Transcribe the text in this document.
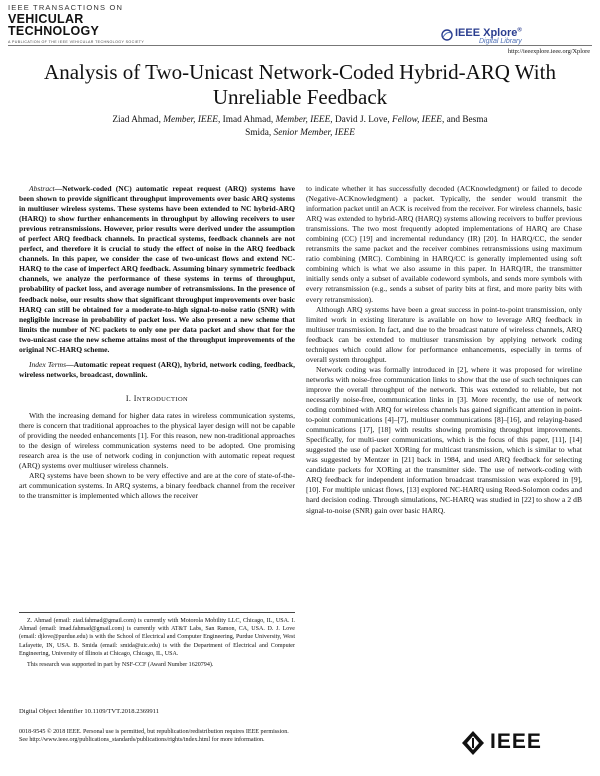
IEEE TRANSACTIONS ON
VEHICULAR
TECHNOLOGY
A PUBLICATION OF THE IEEE VEHICULAR TECHNOLOGY SOCIETY
IEEE Xplore®
Digital Library
http://ieeexplore.ieee.org/Xplore
Analysis of Two-Unicast Network-Coded Hybrid-ARQ With Unreliable Feedback
Ziad Ahmad, Member, IEEE, Imad Ahmad, Member, IEEE, David J. Love, Fellow, IEEE, and Besma
Smida, Senior Member, IEEE

Abstract—Network-coded (NC) automatic repeat request (ARQ) systems have been shown to provide significant throughput improvements over basic ARQ systems in multiuser wireless systems. These systems have been extended to NC hybrid-ARQ (HARQ) to show further enhancements in throughput by allowing receivers to user previous retransmissions. However, prior results were derived under the assumption of perfect ARQ feedback channels. In practical systems, feedback channels are not perfect, and therefore it is crucial to study the effect of noise in the ARQ feedback channels. In this paper, we consider the case of two-unicast flows and extend NC-HARQ to the case of imperfect ARQ feedback. Assuming binary symmetric feedback channels, we analyze the performance of these systems in terms of throughput, probability of packet loss, and average number of retransmissions. In the presence of feedback noise, our results show that significant throughput improvements over basic HARQ can still be obtained for a moderate-to-high signal-to-noise ratio (SNR) with negligible increase in probability of packet loss. We also present a new scheme that limits the number of NC packets to only one per data packet and show that for the two-unicast case the new scheme attains most of the throughput improvements of the original NC-HARQ scheme.

Index Terms—Automatic repeat request (ARQ), hybrid, network coding, feedback, wireless networks, broadcast, downlink.

I. INTRODUCTION

With the increasing demand for higher data rates in wireless communication systems, there is concern that traditional approaches to the physical layer design will not be capable of providing the needed enhancements [1]. For this reason, new non-traditional approaches to the design of wireless communication systems need to be adopted. One promising research area is the use of network coding in conjunction with automatic repeat request (ARQ) systems over multiuser wireless channels.

ARQ systems have been shown to be very effective and are at the core of state-of-the-art communication systems. In ARQ systems, a binary feedback channel from the receiver to the transmitter is implemented which allows the receiver

Z. Ahmad (email: ziad.fahmad@gmail.com) is currently with Motorola Mobility LLC, Chicago, IL, USA. I. Ahmad (email: imad.fahmad@gmail.com) is currently with AT&T Labs, San Ramon, CA, USA. D. J. Love (email: djlove@purdue.edu) is with the School of Electrical and Computer Engineering, Purdue University, West Lafayette, IN, USA. B. Smida (email: smida@uic.edu) is with the Department of Electrical and Computer Engineering, University of Illinois at Chicago, Chicago, IL, USA.

This research was supported in part by NSF-CCF (Award Number 1620794).

Digital Object Identifier 10.1109/TVT.2018.2369911

to indicate whether it has successfully decoded (ACKnowledgment) or failed to decode (Negative-ACKnowledgment) a packet. Typically, the sender would transmit the information packet until an ACK is received from the receiver. For wireless channels, basic ARQ was extended to hybrid-ARQ (HARQ) systems allowing receivers to buffer previous transmissions. The two most frequently adopted implementations of HARQ are Chase combining (CC) [19] and incremental redundancy (IR) [20]. In HARQ/CC, the sender retransmits the same packet and the receiver combines retransmissions using maximum ratio combining (MRC). Combining in HARQ/CC is generally implemented using soft combining which is what we also assume in this paper. In HARQ/IR, the transmitter initially sends only a subset of available codeword symbols, and sends more symbols with every retransmission (e.g., sends a subset of parity bits at first, and more parity bits with every retransmission).

Although ARQ systems have been a great success in point-to-point transmission, only limited work in existing literature is available on how to leverage ARQ feedback in multiuser transmission. In fact, and due to the broadcast nature of wireless channels, ARQ feedback can be extended to multiuser transmission by applying network coding techniques which could allow for performance enhancements, especially in terms of overall system throughput.

Network coding was formally introduced in [2], where it was proposed for wireline networks with noise-free communication links to show that the use of such techniques can improve the overall throughput of the network. This was extended to reliable, but not necessarily noise-free, communication links in [3]. More recently, the use of network coding combined with ARQ for wireless channels has gained significant attention in point-to-point communications [4]–[7], multiuser communications [8]–[16], and relaying-based communications [17], [18] with results showing promising throughput improvements. Specifically, for multi-user communications, which is the focus of this paper, [11], [14] suggested the use of packet XORing for multicast transmission, which is similar to what was suggested by Mentzer in [21] back in 1984, and used ARQ feedback for selecting candidate packets for XORing at the transmitter side. The use of network-coding with ARQ feedback for independent information broadcast transmission was explored in [9], [10]. For multiple unicast flows, [13] explored NC-HARQ using Reed-Solomon codes and hard decision coding. Through simulations, NC-HARQ was studied in [22] to show a 2 dB signal-to-noise (SNR) gain over basic HARQ.

0018-9545 © 2018 IEEE. Personal use is permitted, but republication/redistribution requires IEEE permission.
See http://www.ieee.org/publications_standards/publications/rights/index.html for more information.	IEEE
